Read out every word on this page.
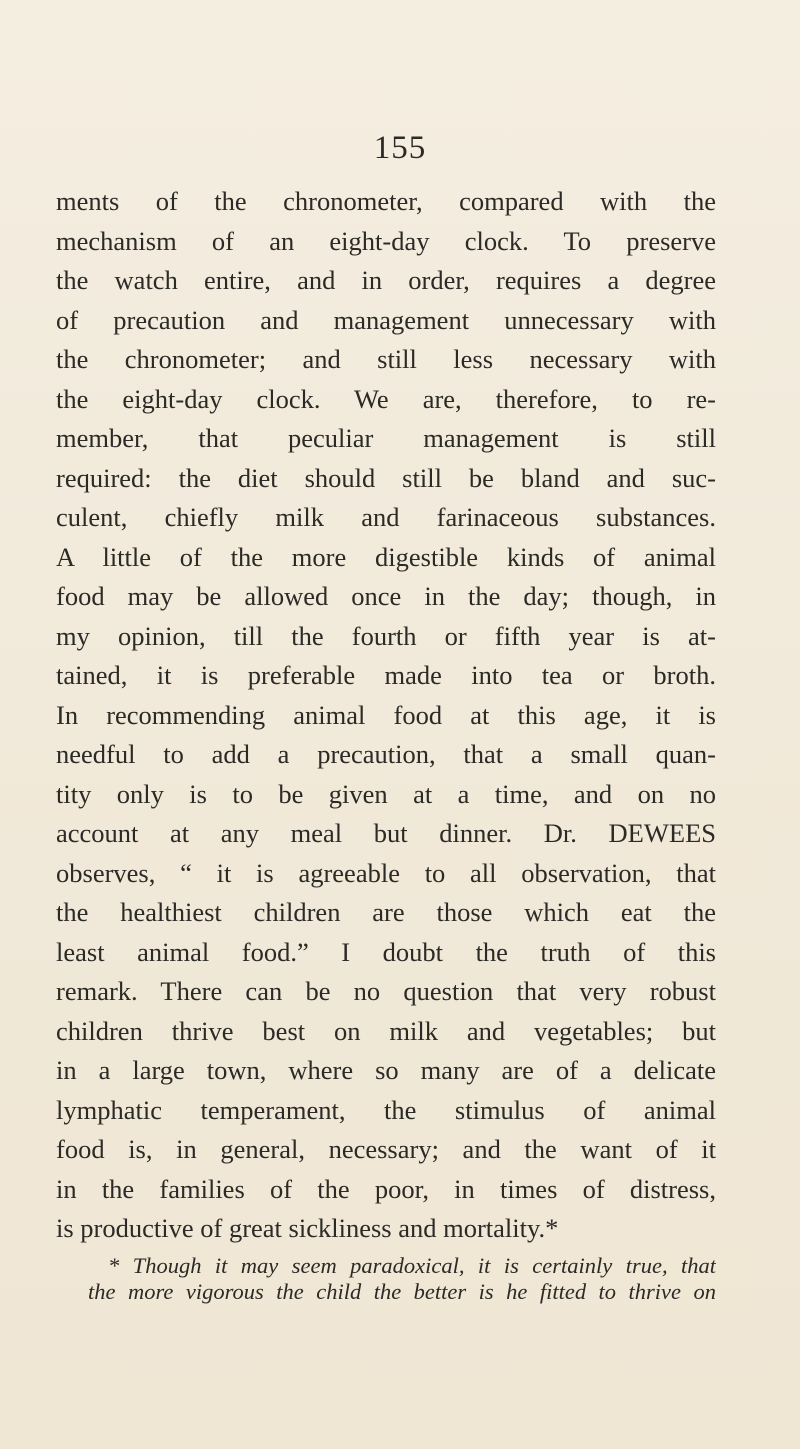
155
ments of the chronometer, compared with the
mechanism of an eight-day clock. To preserve
the watch entire, and in order, requires a degree
of precaution and management unnecessary with
the chronometer; and still less necessary with
the eight-day clock. We are, therefore, to re-
member, that peculiar management is still
required: the diet should still be bland and suc-
culent, chiefly milk and farinaceous substances.
A little of the more digestible kinds of animal
food may be allowed once in the day; though, in
my opinion, till the fourth or fifth year is at-
tained, it is preferable made into tea or broth.
In recommending animal food at this age, it is
needful to add a precaution, that a small quan-
tity only is to be given at a time, and on no
account at any meal but dinner. Dr. DEWEES
observes, “ it is agreeable to all observation, that
the healthiest children are those which eat the
least animal food.” I doubt the truth of this
remark. There can be no question that very robust
children thrive best on milk and vegetables; but
in a large town, where so many are of a delicate
lymphatic temperament, the stimulus of animal
food is, in general, necessary; and the want of it
in the families of the poor, in times of distress,
is productive of great sickliness and mortality.*
* Though it may seem paradoxical, it is certainly true, that
the more vigorous the child the better is he fitted to thrive on
